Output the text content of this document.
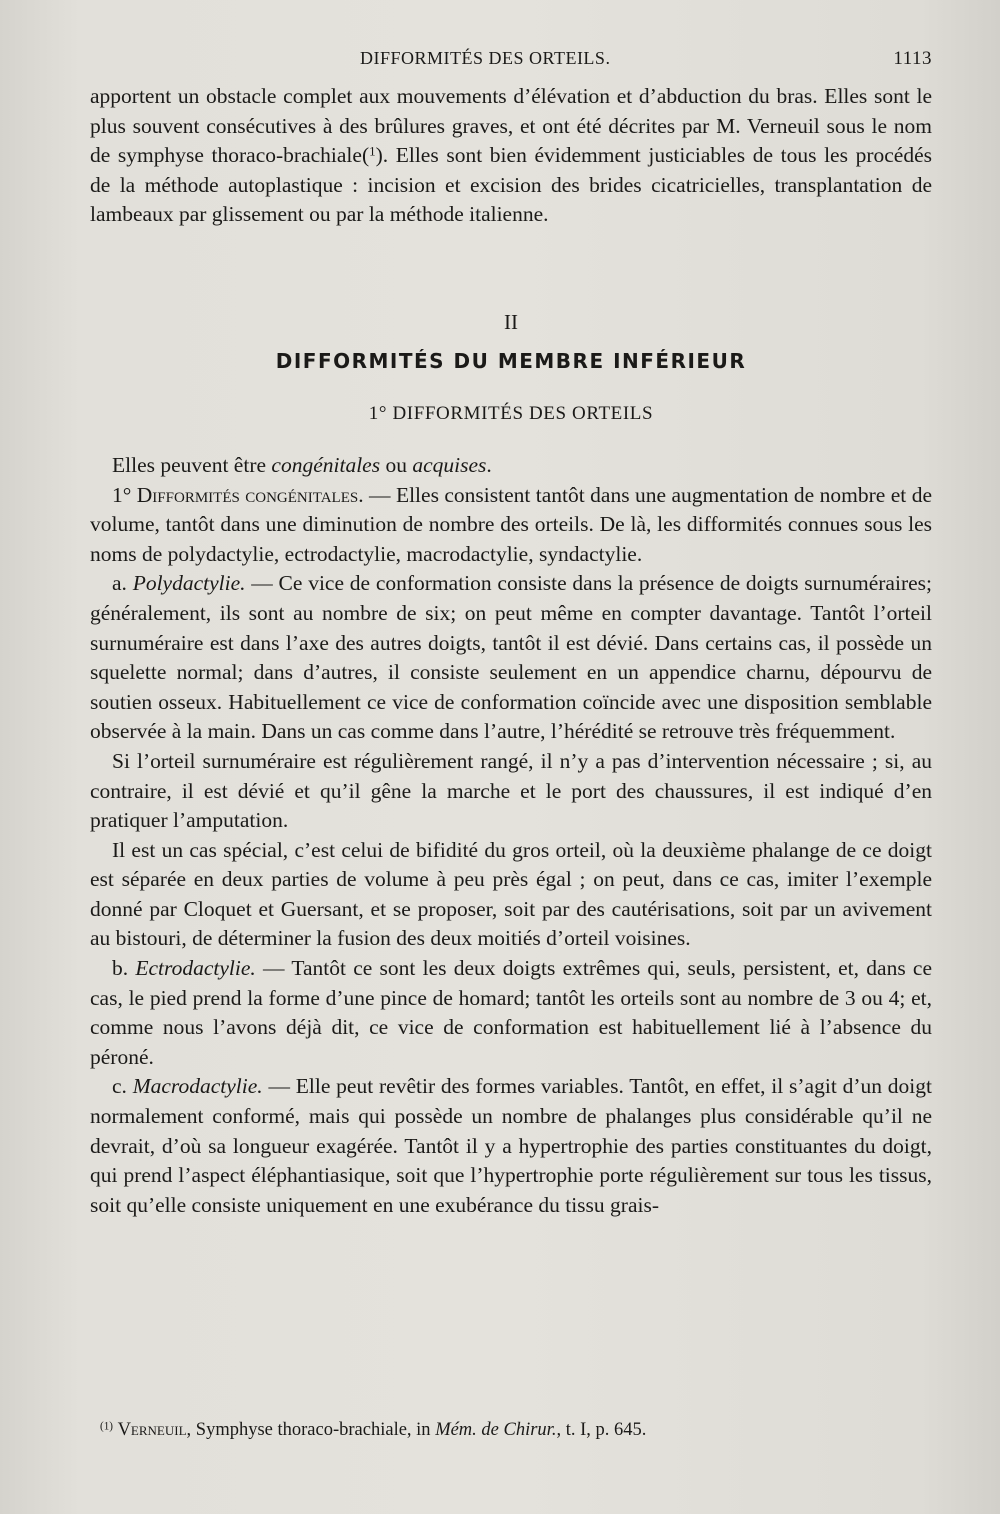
DIFFORMITÉS DES ORTEILS.	1113

apportent un obstacle complet aux mouvements d’élévation et d’abduction du bras. Elles sont le plus souvent consécutives à des brûlures graves, et ont été décrites par M. Verneuil sous le nom de symphyse thoraco-brachiale($^1$). Elles sont bien évidemment justiciables de tous les procédés de la méthode autoplastique : incision et excision des brides cicatricielles, transplantation de lambeaux par glissement ou par la méthode italienne.

II
DIFFORMITÉS DU MEMBRE INFÉRIEUR
1° DIFFORMITÉS DES ORTEILS

Elles peuvent être congénitales ou acquises.

1° Difformités congénitales. — Elles consistent tantôt dans une augmentation de nombre et de volume, tantôt dans une diminution de nombre des orteils. De là, les difformités connues sous les noms de polydactylie, ectrodactylie, macrodactylie, syndactylie.

a. Polydactylie. — Ce vice de conformation consiste dans la présence de doigts surnuméraires; généralement, ils sont au nombre de six; on peut même en compter davantage. Tantôt l’orteil surnuméraire est dans l’axe des autres doigts, tantôt il est dévié. Dans certains cas, il possède un squelette normal; dans d’autres, il consiste seulement en un appendice charnu, dépourvu de soutien osseux. Habituellement ce vice de conformation coïncide avec une disposition semblable observée à la main. Dans un cas comme dans l’autre, l’hérédité se retrouve très fréquemment.

Si l’orteil surnuméraire est régulièrement rangé, il n’y a pas d’intervention nécessaire ; si, au contraire, il est dévié et qu’il gêne la marche et le port des chaussures, il est indiqué d’en pratiquer l’amputation.

Il est un cas spécial, c’est celui de bifidité du gros orteil, où la deuxième phalange de ce doigt est séparée en deux parties de volume à peu près égal ; on peut, dans ce cas, imiter l’exemple donné par Cloquet et Guersant, et se proposer, soit par des cautérisations, soit par un avivement au bistouri, de déterminer la fusion des deux moitiés d’orteil voisines.

b. Ectrodactylie. — Tantôt ce sont les deux doigts extrêmes qui, seuls, persistent, et, dans ce cas, le pied prend la forme d’une pince de homard; tantôt les orteils sont au nombre de 3 ou 4; et, comme nous l’avons déjà dit, ce vice de conformation est habituellement lié à l’absence du péroné.

c. Macrodactylie. — Elle peut revêtir des formes variables. Tantôt, en effet, il s’agit d’un doigt normalement conformé, mais qui possède un nombre de phalanges plus considérable qu’il ne devrait, d’où sa longueur exagérée. Tantôt il y a hypertrophie des parties constituantes du doigt, qui prend l’aspect éléphantiasique, soit que l’hypertrophie porte régulièrement sur tous les tissus, soit qu’elle consiste uniquement en une exubérance du tissu grais-

$^{(1)}$ Verneuil, Symphyse thoraco-brachiale, in Mém. de Chirur., t. I, p. 645.
